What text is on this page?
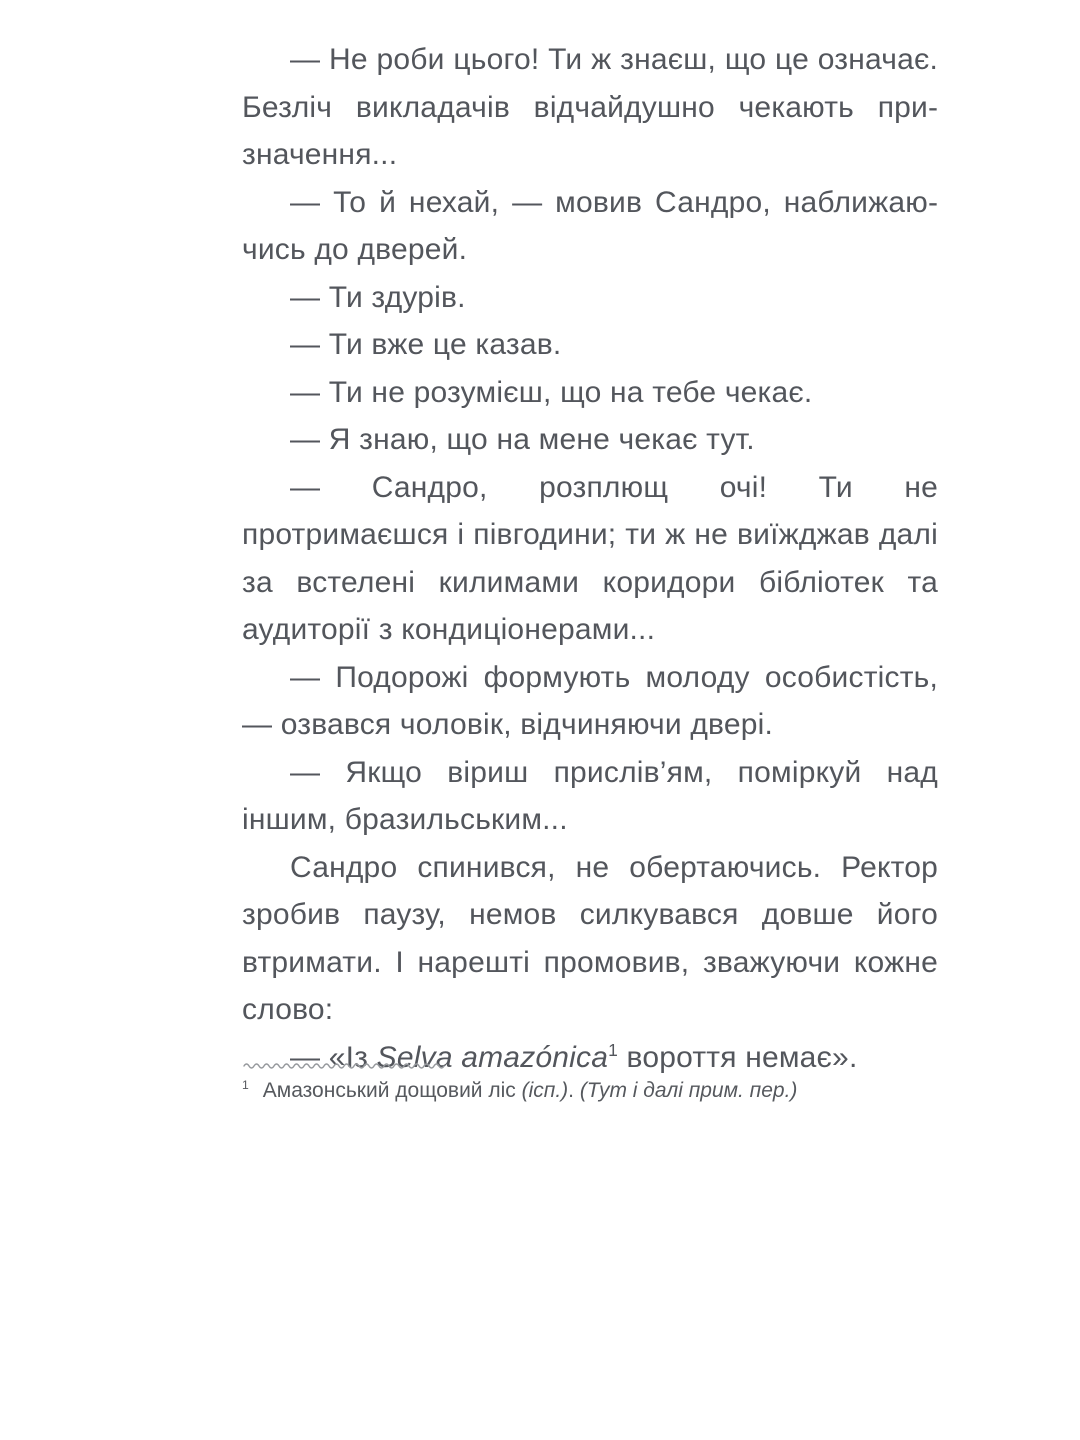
— Не роби цього! Ти ж знаєш, що це означає. Безліч викладачів відчайдушно чекають призначення...

— То й нехай, — мовив Сандро, наближаючись до дверей.

— Ти здурів.

— Ти вже це казав.

— Ти не розумієш, що на тебе чекає.

— Я знаю, що на мене чекає тут.

— Сандро, розплющ очі! Ти не протримаєшся і півгодини; ти ж не виїжджав далі за встелені килимами коридори бібліотек та аудиторії з кондиціонерами...

— Подорожі формують молоду особистість, — озвався чоловік, відчиняючи двері.

— Якщо віриш прислів’ям, поміркуй над іншим, бразильським...

Сандро спинився, не обертаючись. Ректор зробив паузу, немов силкувався довше його втримати. І нарешті промовив, зважуючи кожне слово:

— «Із Selva amazónica$^1$ вороття немає».

$^1$ Амазонський дощовий ліс (ісп.). (Тут і далі прим. пер.)
